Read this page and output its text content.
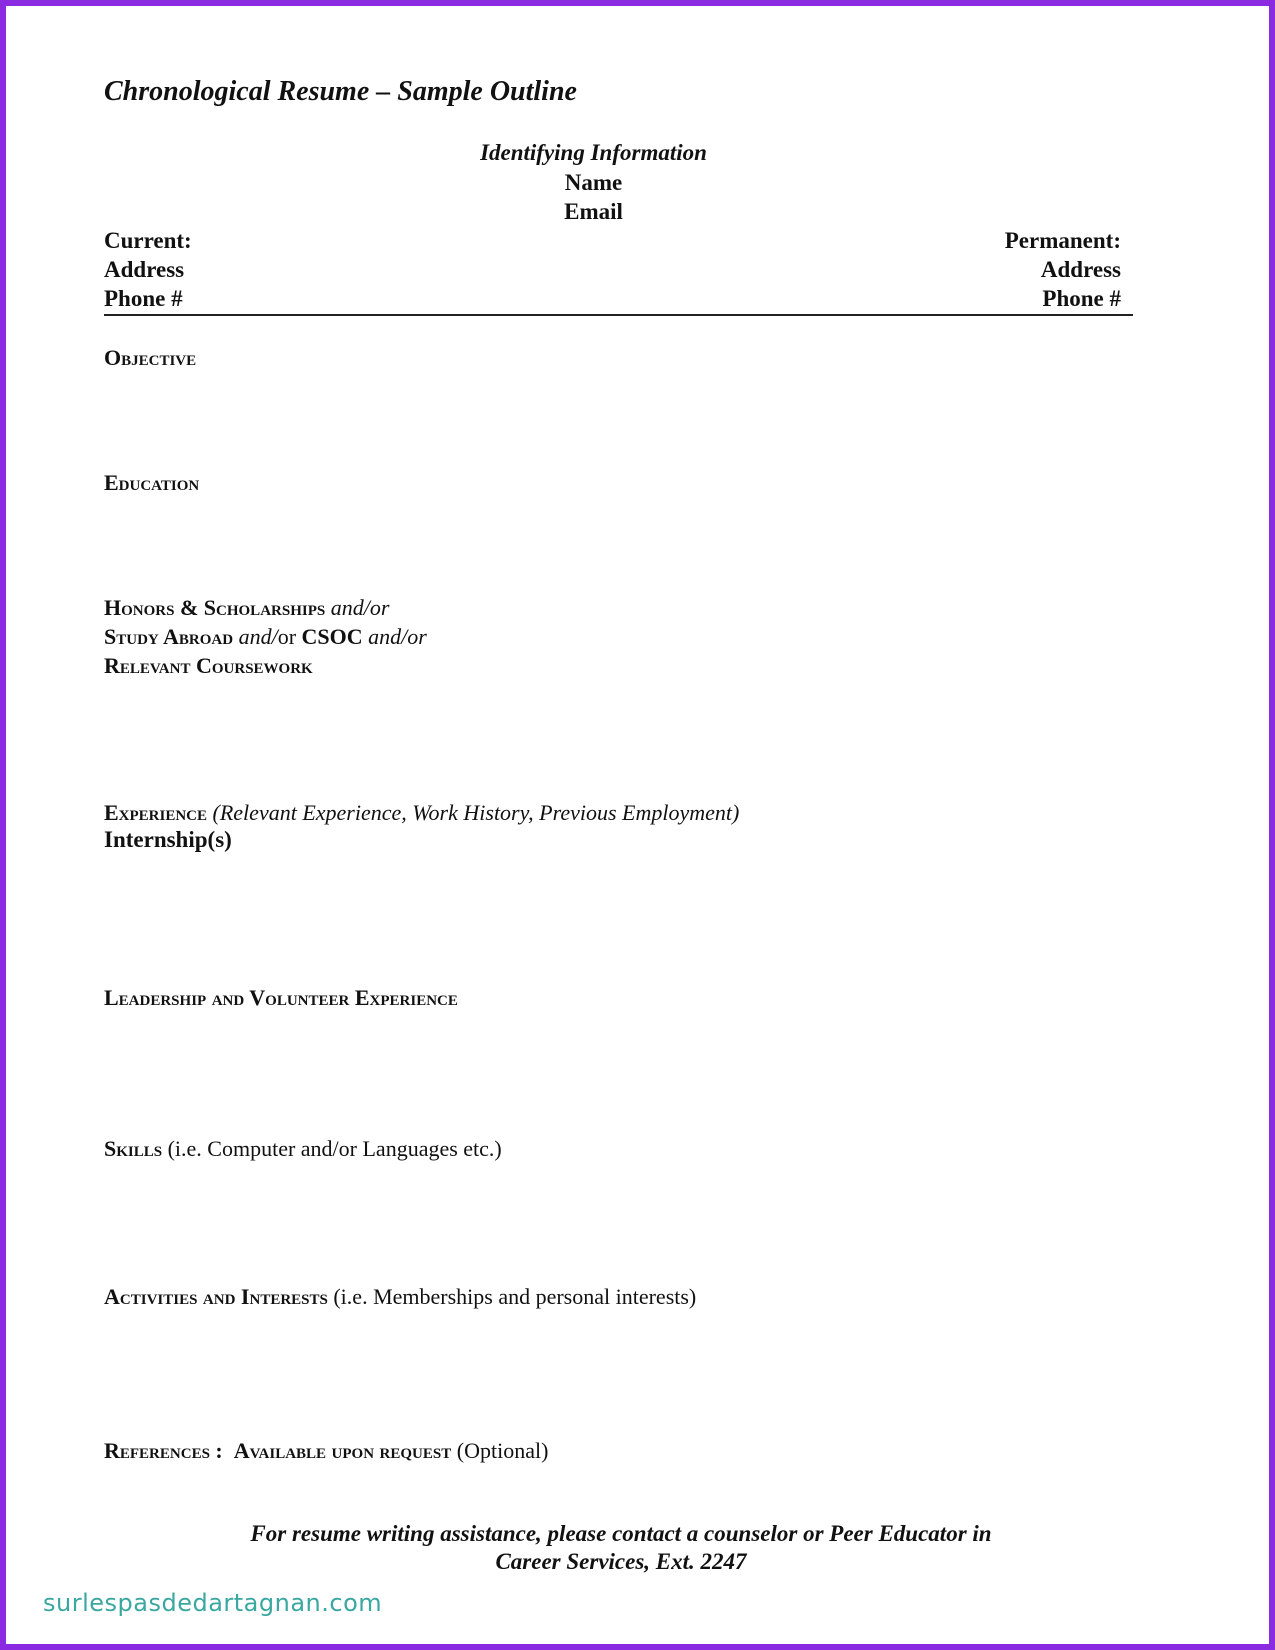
Chronological Resume – Sample Outline
Identifying Information
Name
Email
Current:
Address
Phone #
Permanent:
Address
Phone #
Objective
Education
Honors & Scholarships and/or
Study Abroad and/or CSOC and/or
Relevant Coursework
Experience (Relevant Experience, Work History, Previous Employment)
Internship(s)
Leadership and Volunteer Experience
Skills (i.e. Computer and/or Languages etc.)
Activities and Interests (i.e. Memberships and personal interests)
References : Available upon request (Optional)
For resume writing assistance, please contact a counselor or Peer Educator in
Career Services, Ext. 2247
surlespasdedartagnan.com
